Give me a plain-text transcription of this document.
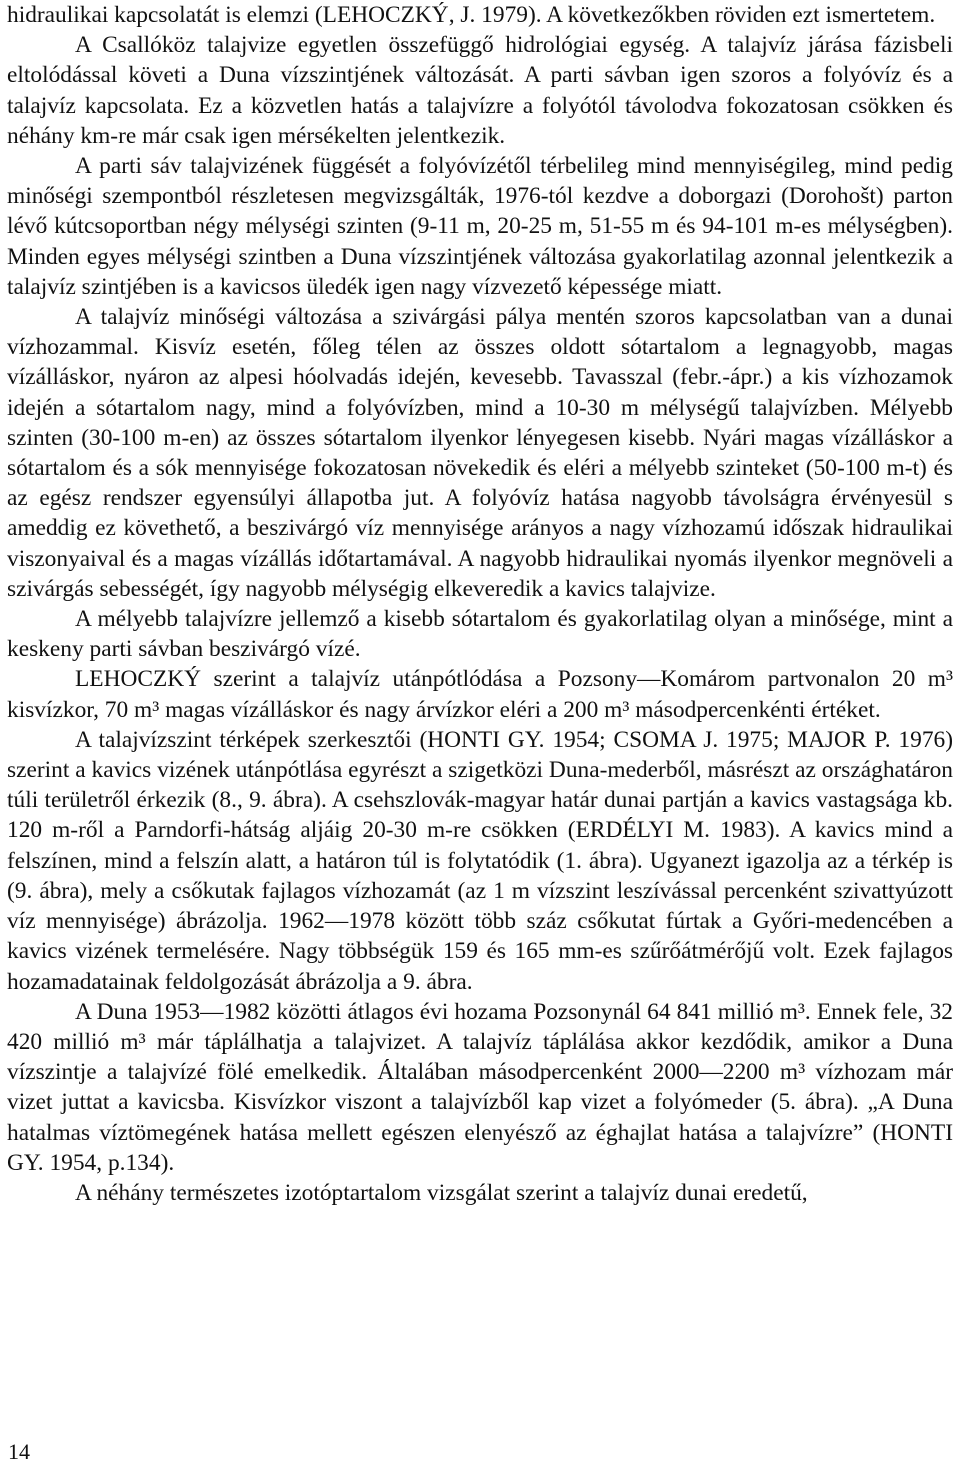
hidraulikai kapcsolatát is elemzi (LEHOCZKÝ, J. 1979). A következőkben röviden ezt ismertetem.

A Csallóköz talajvize egyetlen összefüggő hidrológiai egység. A talajvíz járása fázisbeli eltolódással követi a Duna vízszintjének változását. A parti sávban igen szoros a folyóvíz és a talajvíz kapcsolata. Ez a közvetlen hatás a talajvízre a folyótól távolodva fokozatosan csökken és néhány km-re már csak igen mérsékelten jelentkezik.

A parti sáv talajvizének függését a folyóvízétől térbelileg mind mennyiségileg, mind pedig minőségi szempontból részletesen megvizsgálták, 1976-tól kezdve a doborgazi (Dorohošt) parton lévő kútcsoportban négy mélységi szinten (9-11 m, 20-25 m, 51-55 m és 94-101 m-es mélységben). Minden egyes mélységi szintben a Duna vízszintjének változása gyakorlatilag azonnal jelentkezik a talajvíz szintjében is a kavicsos üledék igen nagy vízvezető képessége miatt.

A talajvíz minőségi változása a szivárgási pálya mentén szoros kapcsolatban van a dunai vízhozammal. Kisvíz esetén, főleg télen az összes oldott sótartalom a legnagyobb, magas vízálláskor, nyáron az alpesi hóolvadás idején, kevesebb. Tavasszal (febr.-ápr.) a kis vízhozamok idején a sótartalom nagy, mind a folyóvízben, mind a 10-30 m mélységű talajvízben. Mélyebb szinten (30-100 m-en) az összes sótartalom ilyenkor lényegesen kisebb. Nyári magas vízálláskor a sótartalom és a sók mennyisége fokozatosan növekedik és eléri a mélyebb szinteket (50-100 m-t) és az egész rendszer egyensúlyi állapotba jut. A folyóvíz hatása nagyobb távolságra érvényesül s ameddig ez követhető, a beszivárgó víz mennyisége arányos a nagy vízhozamú időszak hidraulikai viszonyaival és a magas vízállás időtartamával. A nagyobb hidraulikai nyomás ilyenkor megnöveli a szivárgás sebességét, így nagyobb mélységig elkeveredik a kavics talajvize.

A mélyebb talajvízre jellemző a kisebb sótartalom és gyakorlatilag olyan a minősége, mint a keskeny parti sávban beszivárgó vízé.

LEHOCZKÝ szerint a talajvíz utánpótlódása a Pozsony—Komárom partvonalon 20 m³ kisvízkor, 70 m³ magas vízálláskor és nagy árvízkor eléri a 200 m³ másodpercenkénti értéket.

A talajvízszint térképek szerkesztői (HONTI GY. 1954; CSOMA J. 1975; MAJOR P. 1976) szerint a kavics vizének utánpótlása egyrészt a szigetközi Duna-mederből, másrészt az országhatáron túli területről érkezik (8., 9. ábra). A csehszlovák-magyar határ dunai partján a kavics vastagsága kb. 120 m-ről a Parndorfi-hátság aljáig 20-30 m-re csökken (ERDÉLYI M. 1983). A kavics mind a felszínen, mind a felszín alatt, a határon túl is folytatódik (1. ábra). Ugyanezt igazolja az a térkép is (9. ábra), mely a csőkutak fajlagos vízhozamát (az 1 m vízszint leszívással percenként szivattyúzott víz mennyisége) ábrázolja. 1962—1978 között több száz csőkutat fúrtak a Győri-medencében a kavics vizének termelésére. Nagy többségük 159 és 165 mm-es szűrőátmérőjű volt. Ezek fajlagos hozamadatainak feldolgozását ábrázolja a 9. ábra.

A Duna 1953—1982 közötti átlagos évi hozama Pozsonynál 64 841 millió m³. Ennek fele, 32 420 millió m³ már táplálhatja a talajvizet. A talajvíz táplálása akkor kezdődik, amikor a Duna vízszintje a talajvízé fölé emelkedik. Általában másodpercenként 2000—2200 m³ vízhozam már vizet juttat a kavicsba. Kisvízkor viszont a talajvízből kap vizet a folyómeder (5. ábra). „A Duna hatalmas víztömegének hatása mellett egészen elenyésző az éghajlat hatása a talajvízre” (HONTI GY. 1954, p.134).

A néhány természetes izotóptartalom vizsgálat szerint a talajvíz dunai eredetű,

14
